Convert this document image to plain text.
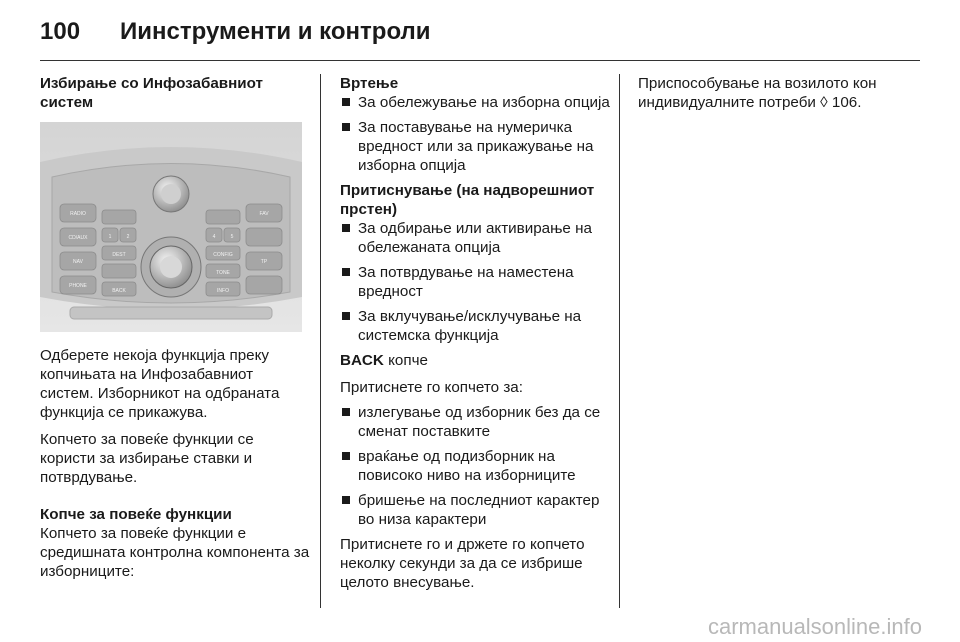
100 Иинструменти и контроли
Избирање со Инфозабавниот систем
RADIO
CD/AUX
NAV
PHONE
1	2	4	5
DEST
BACK	INFO
TONE
CONFIG
FAV
TP

Одберете некоја функција преку копчињата на Инфозабавниот систем. Изборникот на одбраната функција се прикажува.

Копчето за повеќе функции се користи за избирање ставки и потврдување.

Копче за повеќе функции

Копчето за повеќе функции е средишната контролна компонента за изборниците:

Вртење
За обележување на изборна опција
За поставување на нумеричка вредност или за прикажување на изборна опција
Притиснување (на надворешниот прстен)
За одбирање или активирање на обележаната опција
За потврдување на наместена вредност
За вклучување/исклучување на системска функција

BACK копче

Притиснете го копчето за:

излегување од изборник без да се сменат поставките
враќање од подизборник на повисоко ниво на изборниците
бришење на последниот карактер во низа карактери

Притиснете го и држете го копчето неколку секунди за да се избрише целото внесување.

Приспособување на возилото кон индивидуалните потреби ◊ 106.

carmanualsonline.info
